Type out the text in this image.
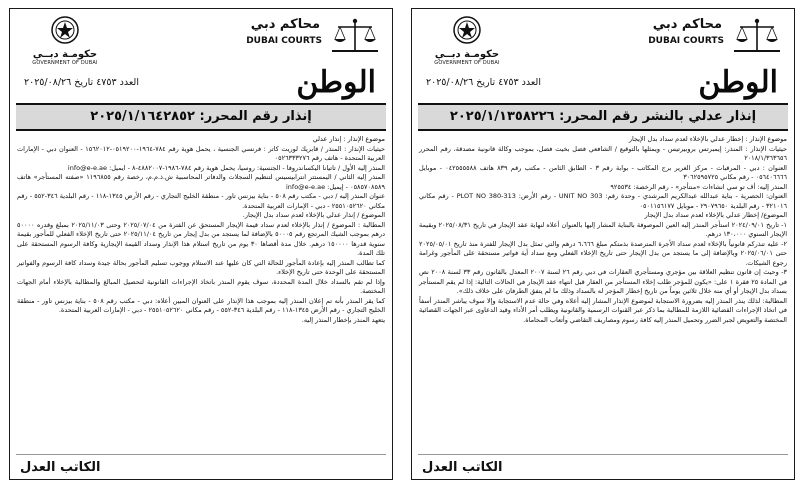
محاكم دبي
DUBAI COURTS
حكومـة دبــي
GOVERNMENT OF DUBAI
الوطن
العدد ٤٧٥٣ تاريخ ٢٠٢٥/٠٨/٢٦
إنذار عدلي بالنشر رقم المحرر: ٢٠٢٥/١/١٣٥٨٢٢٦

موضوع الإنذار : إخطار عدلي بالإخلاء لعدم سداد بدل الإيجار

حيثيات الإنذار : المنذر: إيمبرتس بروبيرتيس - ويمثلها بالتوقيع / الشافعي فضل بخيت فضل، بموجب وكالة قانونية مصدقة، رقم المحرر ٢٠١٨/١/٣٦٣٦٥٦

العنوان : دبي - المرقبات - مركز الغرير برج المكاتب - بوابة رقم ٣ - الطابق الثامن - مكتب رقم ٨٣٩ هاتف ٠٤٢٥٥٥٥٨٨ - موبايل ٠٥٦٤٠٦٦٦٦ - رقم مكاني ٣٠٦٢٥٩٥٧٢٥

المنذر إليه: أف تو سي انشاءات «منتأجر» - رقم الرخصة: ٩٢٥٥٣٤

العنوان: الحصرية - بناية عبدالله عبدالكريم المرشدي - وحدة رقم: UNIT NO 303 - رقم الأرض: PLOT NO 380-313 - رقم مكاني ٣٢١٠١٦ - رقم البلدية ٢٩٠٧٩٦٥٠ - موبايل ٠٥٠١١٥٦١٧٧

الموضوع/ إخطار عدلي بالإخلاء لعدم سداد بدل الإيجار

١- تاريخ ٢٠٢٤/٠٩/٠١ استأجر المنذر إليه العين الموصوفة بالبناية المشار إليها بالعنوان أعلاه لنهاية عقد الإيجار في تاريخ ٢٠٢٥/٠٨/٣١ وبقيمة الإيجار السنوي ١٣٠،٠٠٠ درهم.

٢- عليه تنذركم قانونياً بالإخلاء لعدم سداد الأجرة المترصدة بذمتكم مبلغ ٦،٦٦٦ درهم والتي تمثل بدل الإيجار للفترة منذ تاريخ ٢٠٢٥/٠٥/٠١ حتى ٢٠٢٥/٠٦/٠١ وبالإضافة إلى ما يستجد من بدل الإيجار حتى تاريخ الإخلاء الفعلي ومع سداد أية فواتير مستحقة على المأجور وغرامة رجوع الشيكات.

٣- وحيث إن قانون تنظيم العلاقة بين مؤجري ومستأجري العقارات في دبي رقم ٢٦ لسنة ٢٠٠٧ المعدل بالقانون رقم ٣٣ لسنة ٢٠٠٨ نص في المادة ٢٥ فقرة ١ على: «يكون للمؤجر طلب إخلاء المستأجر من العقار قبل انتهاء عقد الإيجار في الحالات التالية: إذا لم يقم المستأجر بسداد بدل الإيجار أو أي منه خلال ثلاثين يوماً من تاريخ إخطار المؤجر له بالسداد وذلك ما لم يتفق الطرفان على خلاف ذلك».

المطالبة: لذلك ينذر المنذر إليه بضرورة الاستجابة لموضوع الإنذار المشار إليه أعلاه وفي حالة عدم الاستجابة وإلا سوف يباشر المنذر أسفاً في اتخاذ الإجراءات القضائية اللازمة للمطالبة بما ذكر عبر القنوات الرسمية والقانونية ويطلب أمر الأداء وقيد الدعاوى عبر الجهات القضائية المختصة والتعويض لجبر الضرر وتحميل المنذر إليه كافة رسوم ومصاريف التقاضي وأتعاب المحاماة.

الكاتب العدل
محاكم دبي
DUBAI COURTS
حكومـة دبــي
GOVERNMENT OF DUBAI
الوطن
العدد ٤٧٥٣ تاريخ ٢٠٢٥/٠٨/٢٦
إنذار رقم المحرر: ٢٠٢٥/١/١٦٤٢٨٥٢

موضوع الإنذار : إنذار عدلي

حيثيات الإنذار : المنذر / قابريك لوريت كاتر : فرنسي الجنسية ، يحمل هوية رقم ٧٨٤-١٩٦٤-٠٥١٩٢٠٠-١٥٦٢٠١٢ - العنوان دبي - الإمارات العربية المتحدة - هاتف رقم ٠٥٢٦٣٣٣٢٧٦

المنذر إليه الأول / تاتيانا اليكساندروفا - الجنسية: روسيا، يحمل هوية رقم ٧٨٤-١٩٨٦-٤٨٨٢٠٠٧-٨ - ايميل: info@e-e.ae

المنذر إليه الثاني / اليمستتر انترابيسيس لتنظيم السجلات والدفاتر المحاسبية ش.ذ.م.م، رخصة رقم ١١٩٦٨٥٥ «صفته المستأجر» هاتف ٠٥٨٥٧٠٨٥٨٩ - إيميل: info@e-e.ae

عنوان المنذر إليه / دبي - مكتب رقم ٥٠٨ - بناية بيزنس تاور - منطقة الخليج التجاري - رقم الأرض ١٣٤٥-١١٨ - رقم البلدية ٣٤٦-٥٥٢ - رقم مكاني ٢٥٥١٠٥٢٦٢٠ - دبي - الإمارات العربية المتحدة.

الموضوع / إنذار عدلي بالإخلاء لعدم سداد بدل الإيجار.

المطالبة : الموضوع / إنذار بالإخلاء لعدم سداد قيمة الإيجار المستحق عن الفترة من ٢٠٢٥/٠٧/٠٤ وحتى ٢٠٢٥/١١/٠٣ بمبلغ وقدره ٥٠٠٠٠ درهم بموجب الشيك المرتجع رقم ٥٠٠٠٥ بالإضافة لما يستجد من بدل إيجار من تاريخ ٢٠٢٥/١١/٠٤ حتى تاريخ الإخلاء الفعلي للمأجور بقيمة سنوية قدرها ١٥٠٠٠٠ درهم. خلال مدة أقصاها ٣٠ يوم من تاريخ استلام هذا الإنذار وسداد القيمة الإيجارية وكافة الرسوم المستحقة على تلك المدة.

كما تطالب المنذر إليه بإعادة المأجور للحالة التي كان عليها عند الاستلام ووجوب تسليم المأجور بحالة جيدة وسداد كافة الرسوم والفواتير المستحقة على الوحدة حتى تاريخ الإخلاء.

وإذا لم تقم بالسداد خلال المدة المحددة، سوف يقوم المنذر باتخاذ الإجراءات القانونية لتحصيل المبالغ والمطالبة بالإخلاء أمام الجهات المختصة.

كما يقر المنذر بأنه تم إعلان المنذر إليه بموجب هذا الإنذار على العنوان المبين أعلاه: دبي - مكتب رقم ٥٠٨ - بناية بيزنس تاور - منطقة الخليج التجاري - رقم الأرض ١٣٤٥-١١٨ - رقم البلدية ٣٤٦-٥٥٢ - رقم مكاني ٢٥٥١٠٥٢٦٢٠ - دبي - الإمارات العربية المتحدة.

يتعهد المنذر بإخطار المنذر إليه.

الكاتب العدل
